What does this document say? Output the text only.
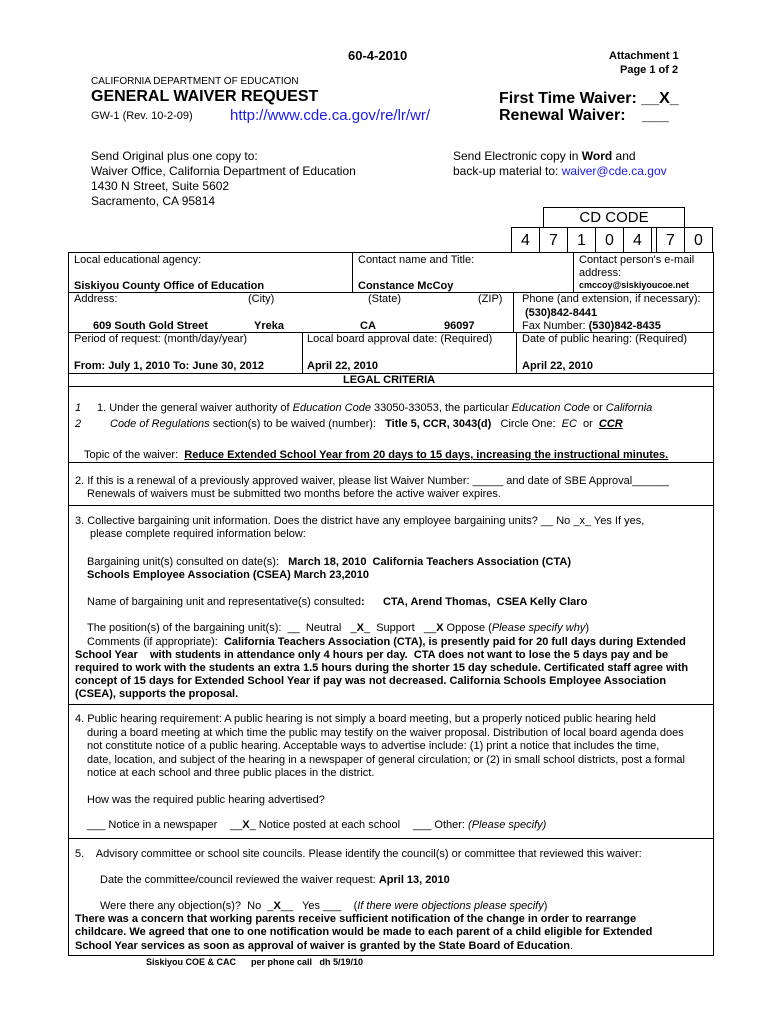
60-4-2010	Attachment 1
Page 1 of 2
CALIFORNIA DEPARTMENT OF EDUCATION
GENERAL WAIVER REQUEST
GW-1 (Rev. 10-2-09) http://www.cde.ca.gov/re/lr/wr/
First Time Waiver: __X_
Renewal Waiver: ___
Send Original plus one copy to:
Waiver Office, California Department of Education
1430 N Street, Suite 5602
Sacramento, CA 95814
Send Electronic copy in Word and
back-up material to: waiver@cde.ca.gov
CD CODE
4	7	1	0	4	7	0
Local educational agency:
Siskiyou County Office of Education
Contact name and Title:
Constance McCoy
Contact person's e-mail
address:
cmccoy@siskiyoucoe.net
Address:	(City)	(State)	(ZIP)
609 South Gold Street	Yreka	CA	96097
Phone (and extension, if necessary):
(530)842-8441
Fax Number: (530)842-8435
Period of request: (month/day/year)
From: July 1, 2010 To: June 30, 2012
Local board approval date: (Required)
April 22, 2010
Date of public hearing: (Required)
April 22, 2010
LEGAL CRITERIA
1
2
1. Under the general waiver authority of Education Code 33050-33053, the particular Education Code or California
Code of Regulations section(s) to be waived (number):   Title 5, CCR, 3043(d)   Circle One:  EC  or  CCR
Topic of the waiver:  Reduce Extended School Year from 20 days to 15 days, increasing the instructional minutes.
2. If this is a renewal of a previously approved waiver, please list Waiver Number: _____ and date of SBE Approval______
Renewals of waivers must be submitted two months before the active waiver expires.
3. Collective bargaining unit information. Does the district have any employee bargaining units? __ No _x_ Yes If yes,
please complete required information below:
Bargaining unit(s) consulted on date(s):   March 18, 2010  California Teachers Association (CTA)
Schools Employee Association (CSEA) March 23,2010
Name of bargaining unit and representative(s) consulted: CTA, Arend Thomas,  CSEA Kelly Claro
The position(s) of the bargaining unit(s):  __  Neutral   _X_  Support   __X Oppose (Please specify why)
Comments (if appropriate):  California Teachers Association (CTA), is presently paid for 20 full days during Extended
School Year    with students in attendance only 4 hours per day.  CTA does not want to lose the 5 days pay and be
required to work with the students an extra 1.5 hours during the shorter 15 day schedule. Certificated staff agree with
concept of 15 days for Extended School Year if pay was not decreased. California Schools Employee Association
(CSEA), supports the proposal.
4. Public hearing requirement: A public hearing is not simply a board meeting, but a properly noticed public hearing held
during a board meeting at which time the public may testify on the waiver proposal. Distribution of local board agenda does
not constitute notice of a public hearing. Acceptable ways to advertise include: (1) print a notice that includes the time,
date, location, and subject of the hearing in a newspaper of general circulation; or (2) in small school districts, post a formal
notice at each school and three public places in the district.
How was the required public hearing advertised?
___ Notice in a newspaper __X_ Notice posted at each school ___ Other: (Please specify)
5.    Advisory committee or school site councils. Please identify the council(s) or committee that reviewed this waiver:
Date the committee/council reviewed the waiver request: April 13, 2010
Were there any objection(s)?  No  _X__   Yes ___    (If there were objections please specify)
There was a concern that working parents receive sufficient notification of the change in order to rearrange
childcare. We agreed that one to one notification would be made to each parent of a child eligible for Extended
School Year services as soon as approval of waiver is granted by the State Board of Education.
Siskiyou COE & CAC      per phone call   dh 5/19/10
